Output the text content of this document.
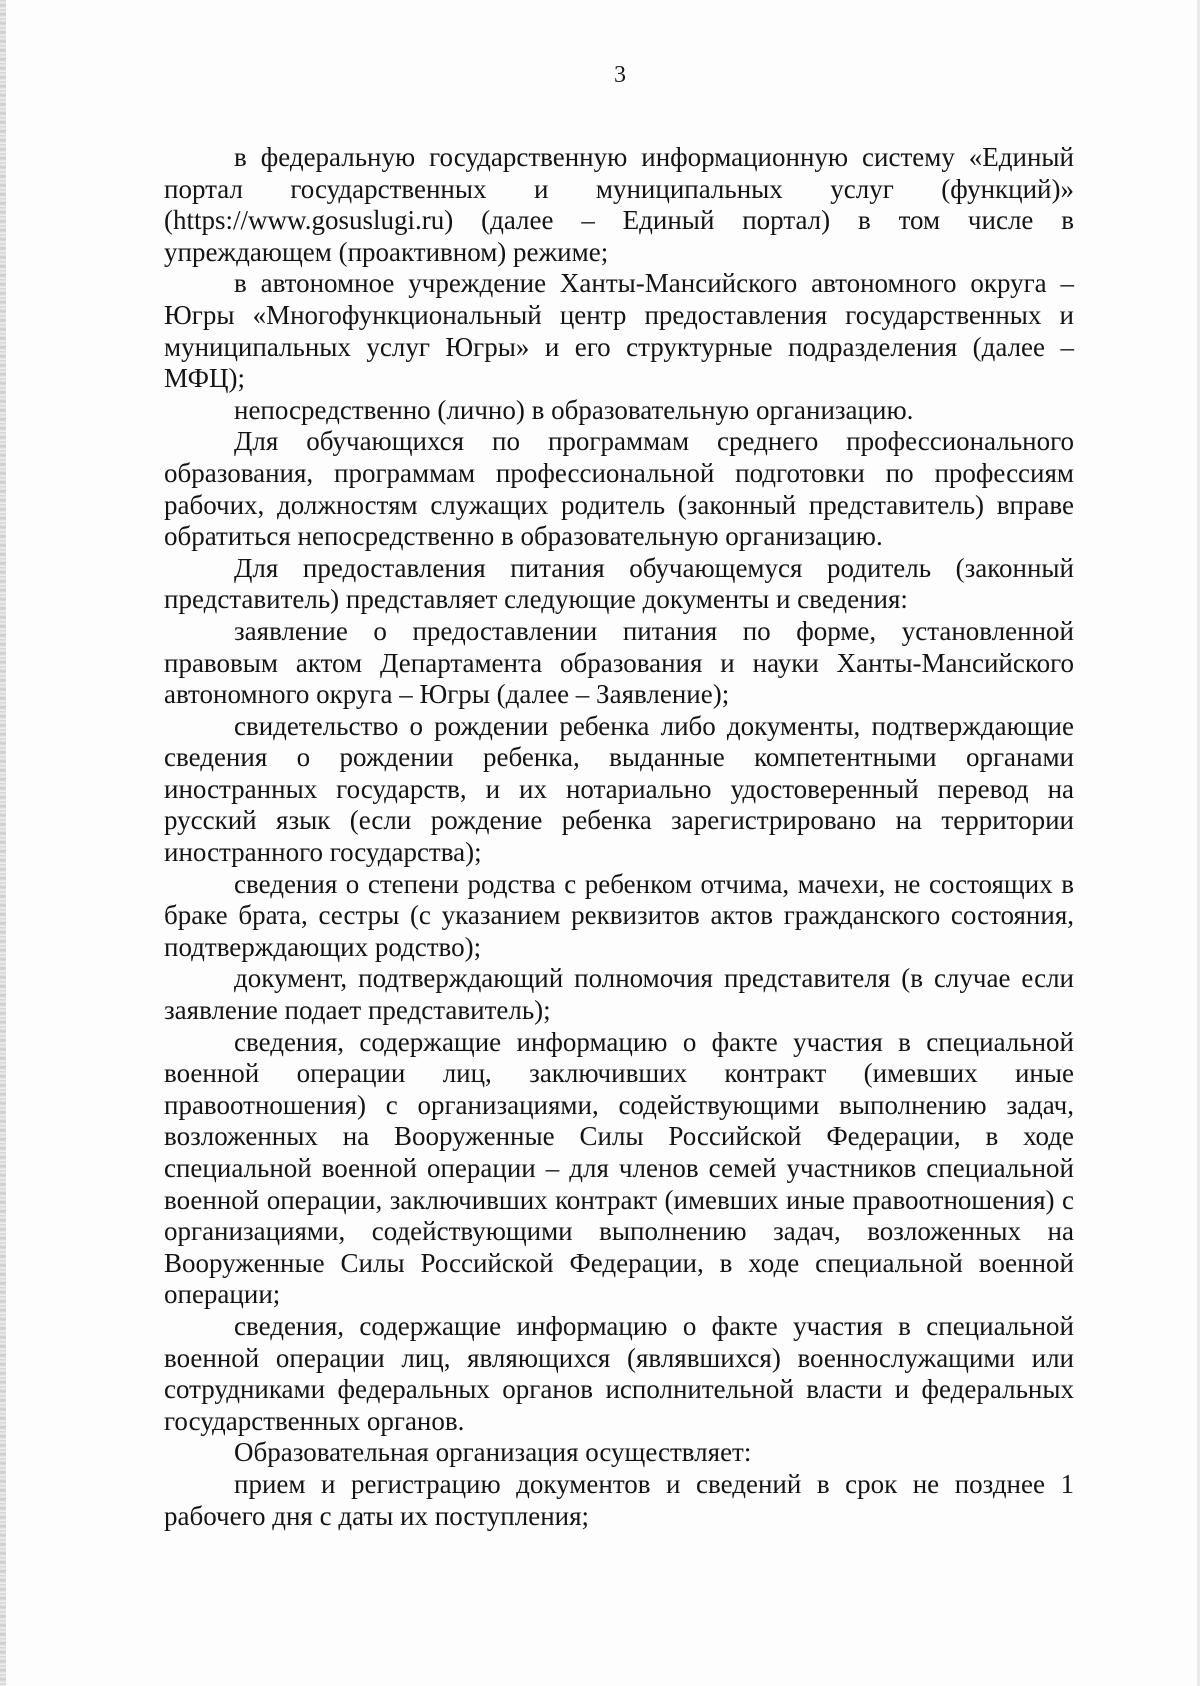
3

в федеральную государственную информационную систему «Единый портал государственных и муниципальных услуг (функций)» (https://www.gosuslugi.ru) (далее – Единый портал) в том числе в упреждающем (проактивном) режиме;

в автономное учреждение Ханты-Мансийского автономного округа – Югры «Многофункциональный центр предоставления государственных и муниципальных услуг Югры» и его структурные подразделения (далее – МФЦ);

непосредственно (лично) в образовательную организацию.

Для обучающихся по программам среднего профессионального образования, программам профессиональной подготовки по профессиям рабочих, должностям служащих родитель (законный представитель) вправе обратиться непосредственно в образовательную организацию.

Для предоставления питания обучающемуся родитель (законный представитель) представляет следующие документы и сведения:

заявление о предоставлении питания по форме, установленной правовым актом Департамента образования и науки Ханты-Мансийского автономного округа – Югры (далее – Заявление);

свидетельство о рождении ребенка либо документы, подтверждающие сведения о рождении ребенка, выданные компетентными органами иностранных государств, и их нотариально удостоверенный перевод на русский язык (если рождение ребенка зарегистрировано на территории иностранного государства);

сведения о степени родства с ребенком отчима, мачехи, не состоящих в браке брата, сестры (с указанием реквизитов актов гражданского состояния, подтверждающих родство);

документ, подтверждающий полномочия представителя (в случае если заявление подает представитель);

сведения, содержащие информацию о факте участия в специальной военной операции лиц, заключивших контракт (имевших иные правоотношения) с организациями, содействующими выполнению задач, возложенных на Вооруженные Силы Российской Федерации, в ходе специальной военной операции – для членов семей участников специальной военной операции, заключивших контракт (имевших иные правоотношения) с организациями, содействующими выполнению задач, возложенных на Вооруженные Силы Российской Федерации, в ходе специальной военной операции;

сведения, содержащие информацию о факте участия в специальной военной операции лиц, являющихся (являвшихся) военнослужащими или сотрудниками федеральных органов исполнительной власти и федеральных государственных органов.

Образовательная организация осуществляет:

прием и регистрацию документов и сведений в срок не позднее 1 рабочего дня с даты их поступления;
